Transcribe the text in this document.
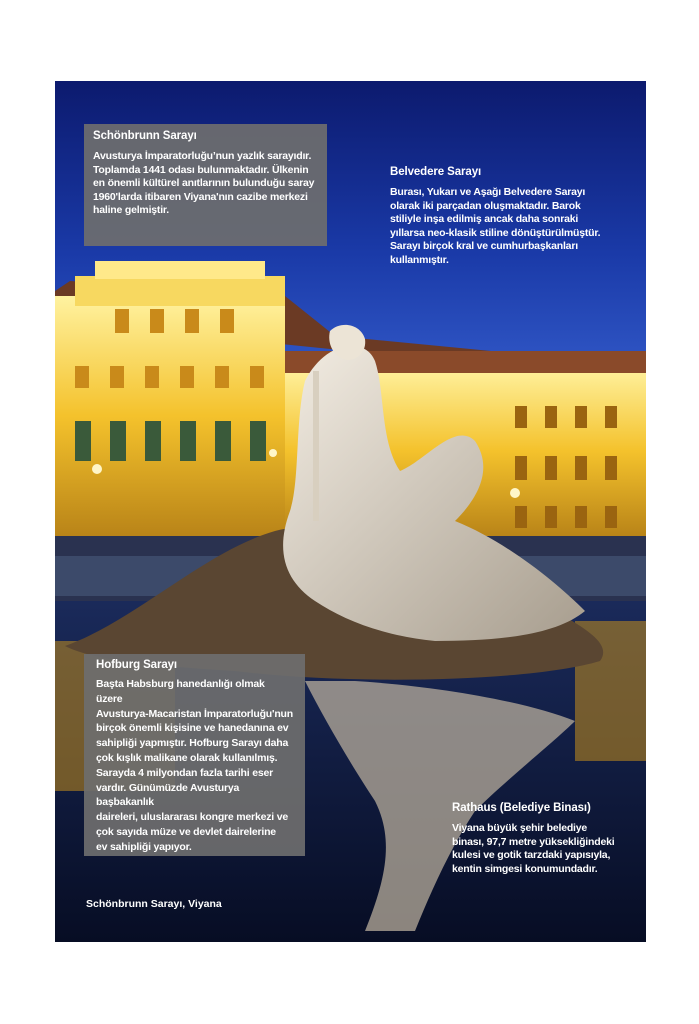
Schönbrunn Sarayı

Avusturya İmparatorluğu’nun yazlık sarayıdır.
Toplamda 1441 odası bulunmaktadır. Ülkenin
en önemli kültürel anıtlarının bulunduğu saray
1960'larda itibaren Viyana'nın cazibe merkezi
haline gelmiştir.

Belvedere Sarayı

Burası, Yukarı ve Aşağı Belvedere Sarayı
olarak iki parçadan oluşmaktadır. Barok
stiliyle inşa edilmiş ancak daha sonraki
yıllarsa neo-klasik stiline dönüştürülmüştür.
Sarayı birçok kral ve cumhurbaşkanları
kullanmıştır.

Hofburg Sarayı

Başta Habsburg hanedanlığı olmak üzere
Avusturya-Macaristan İmparatorluğu'nun
birçok önemli kişisine ve hanedanına ev
sahipliği yapmıştır. Hofburg Sarayı daha
çok kışlık malikane olarak kullanılmış.
Sarayda 4 milyondan fazla tarihi eser
vardır. Günümüzde Avusturya başbakanlık
daireleri, uluslararası kongre merkezi ve
çok sayıda müze ve devlet dairelerine
ev sahipliği yapıyor.

Rathaus (Belediye Binası)

Viyana büyük şehir belediye
binası, 97,7 metre yüksekliğindeki
kulesi ve gotik tarzdaki yapısıyla,
kentin simgesi konumundadır.

Schönbrunn Sarayı, Viyana
